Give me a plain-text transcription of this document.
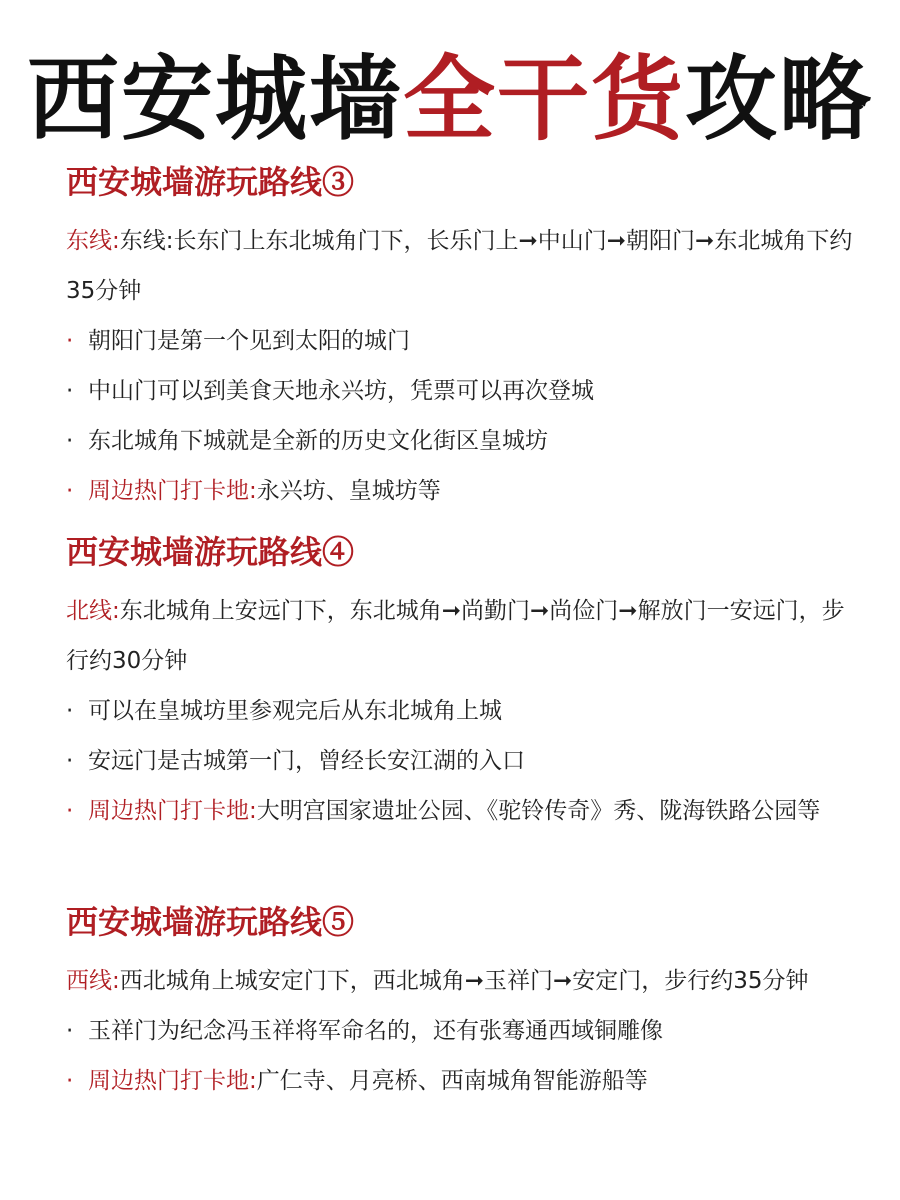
西安城墙全干货攻略
西安城墙游玩路线③
东线:东线:长东门上东北城角门下，长乐门上➞中山门➞朝阳门➞东北城角下约35分钟
· 朝阳门是第一个见到太阳的城门
· 中山门可以到美食天地永兴坊，凭票可以再次登城
· 东北城角下城就是全新的历史文化街区皇城坊
· 周边热门打卡地:永兴坊、皇城坊等
西安城墙游玩路线④
北线:东北城角上安远门下，东北城角➞尚勤门➞尚俭门➞解放门一安远门，步行约30分钟
· 可以在皇城坊里参观完后从东北城角上城
· 安远门是古城第一门，曾经长安江湖的入口
· 周边热门打卡地:大明宫国家遗址公园、《驼铃传奇》秀、陇海铁路公园等
西安城墙游玩路线⑤
西线:西北城角上城安定门下，西北城角➞玉祥门➞安定门，步行约35分钟
· 玉祥门为纪念冯玉祥将军命名的，还有张骞通西域铜雕像
· 周边热门打卡地:广仁寺、月亮桥、西南城角智能游船等
